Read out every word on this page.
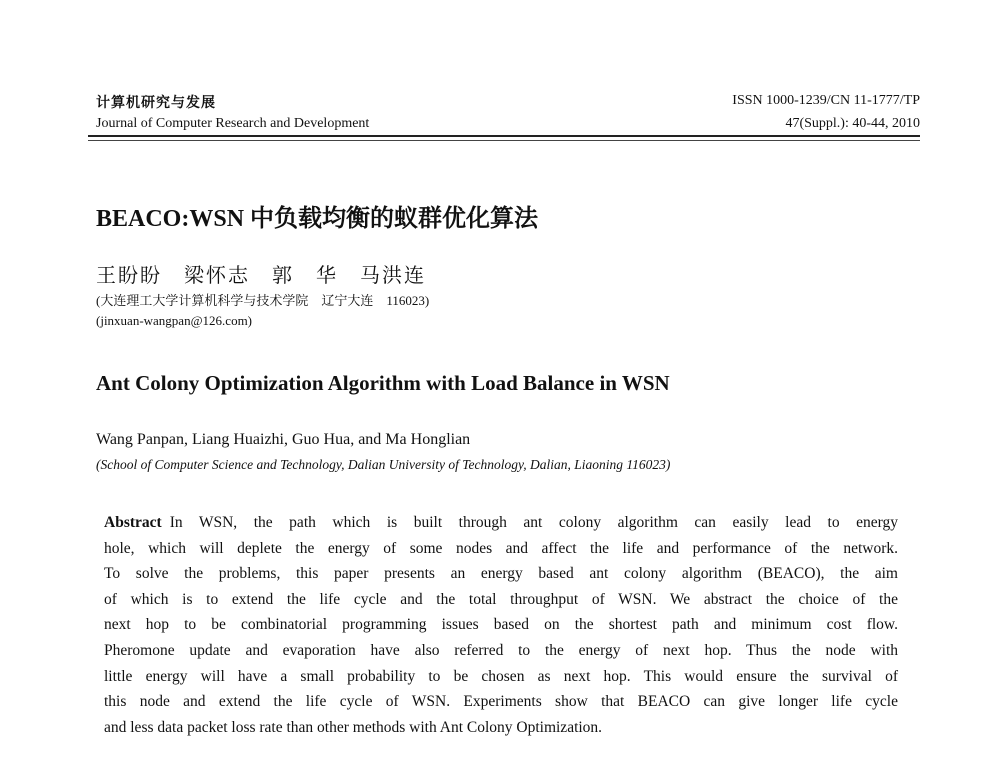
计算机研究与发展
Journal of Computer Research and Development
ISSN 1000-1239/CN 11-1777/TP
47(Suppl.): 40-44, 2010
BEACO:WSN 中负载均衡的蚁群优化算法
王盼盼　梁怀志　郭　华　马洪连
(大连理工大学计算机科学与技术学院　辽宁大连　116023)
(jinxuan-wangpan@126.com)
Ant Colony Optimization Algorithm with Load Balance in WSN
Wang Panpan, Liang Huaizhi, Guo Hua, and Ma Honglian
(School of Computer Science and Technology, Dalian University of Technology, Dalian, Liaoning 116023)
Abstract In WSN, the path which is built through ant colony algorithm can easily lead to energy
hole, which will deplete the energy of some nodes and affect the life and performance of the network.
To solve the problems, this paper presents an energy based ant colony algorithm (BEACO), the aim
of which is to extend the life cycle and the total throughput of WSN. We abstract the choice of the
next hop to be combinatorial programming issues based on the shortest path and minimum cost flow.
Pheromone update and evaporation have also referred to the energy of next hop. Thus the node with
little energy will have a small probability to be chosen as next hop. This would ensure the survival of
this node and extend the life cycle of WSN. Experiments show that BEACO can give longer life cycle
and less data packet loss rate than other methods with Ant Colony Optimization.
